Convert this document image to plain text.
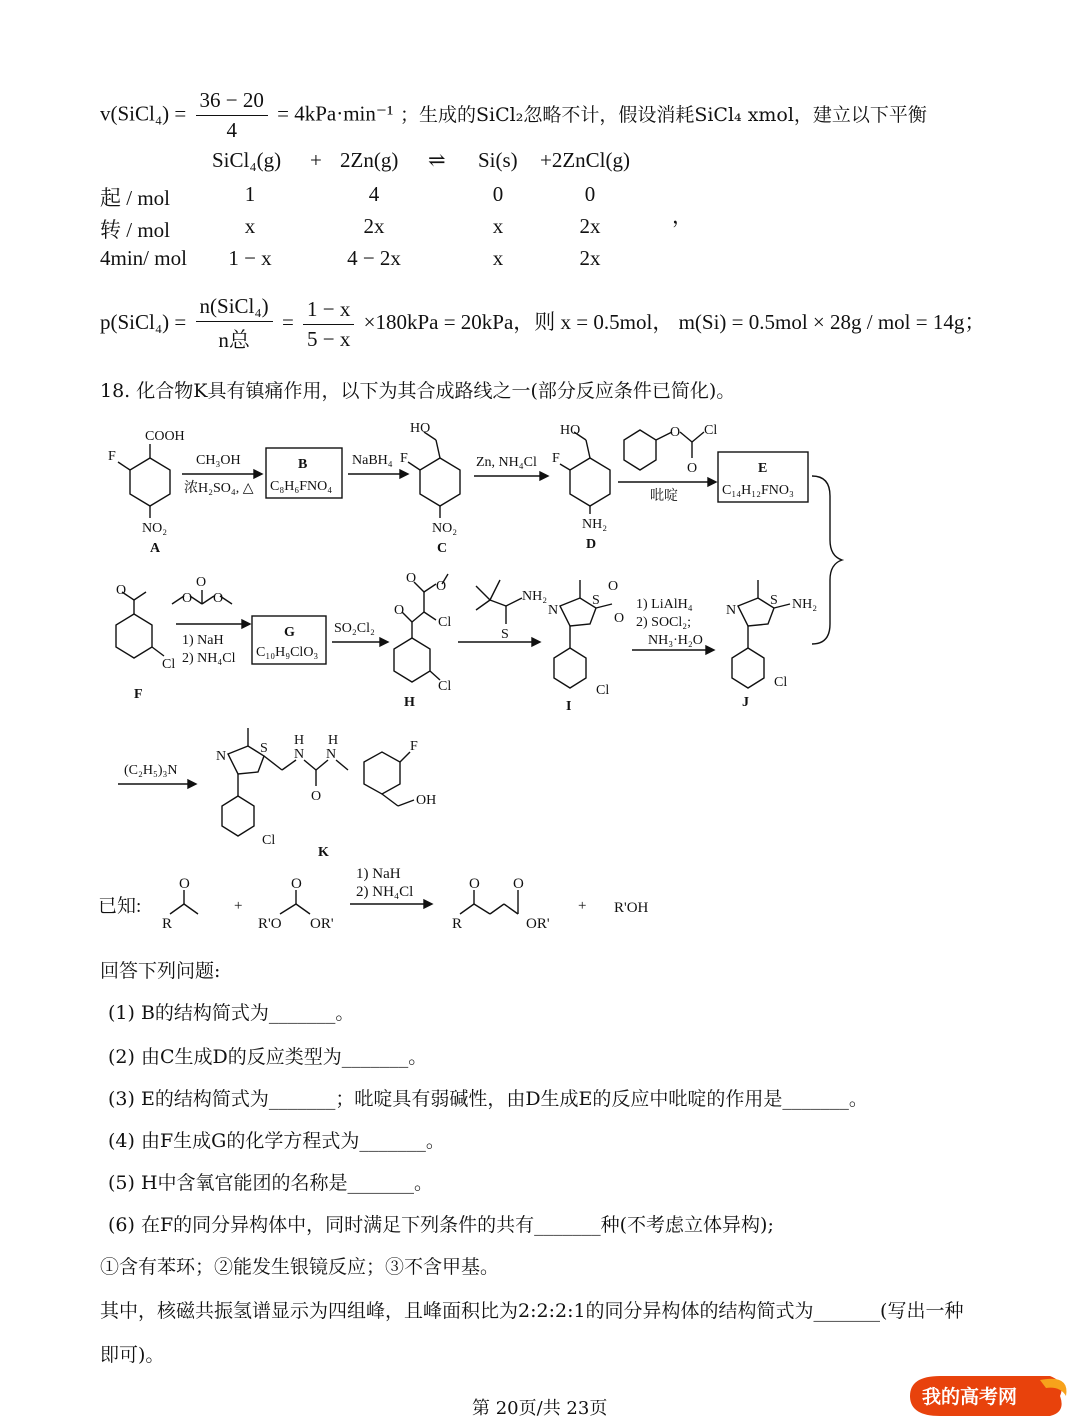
v(SiCl₄) = $\frac{36 - 20}{4} = 4kPa\cdot\min^{-1}$ ；生成的SiCl₂忽略不计，假设消耗SiCl₄ xmol，建立以下平衡
SiCl₄(g) + 2Zn(g) ⇌ Si(s) +2ZnCl(g)
，
起 / mol	1	4	0	0
转 / mol	x	2x	x	2x
4min/ mol	1 − x	4 − 2x	x	2x
p(SiCl₄) = $\frac{\text{n(SiCl₄)}}{\text{n总}} = \frac{1 - x}{5 - x} \times 180kPa = 20kPa$，则 x = 0.5mol， m(Si) = 0.5mol × 28g / mol = 14g；
18. 化合物K具有镇痛作用，以下为其合成路线之一(部分反应条件已简化)。
COOH
F
NO₂
A
CH₃OH
浓H₂SO₄, △
B
C₈H₆FNO₄
NaBH₄
HO
F
NO₂
C
Zn, NH₄Cl
HO
F
NH₂
D
O Cl
O
吡啶
E
C₁₄H₁₂FNO₃
O
Cl
F
O
O
O
1) NaH
2) NH₄Cl
G
C₁₀H₉ClO₃
SO₂Cl₂
O
O
O
Cl
Cl
H
NH₂
S
S
N
O
O
Cl
I
1) LiAlH₄
2) SOCl₂;
NH₃·H₂O
S
N	NH₂
Cl
J
(C₂H₅)₃N
S
N	N
H
O
N
H	F
OH
Cl
K
已知:
O
R
+
R'O
O
OR'
1) NaH
2) NH₄Cl
R
O O
OR'
+ R'OH
回答下列问题:
(1) B的结构简式为_______。
(2) 由C生成D的反应类型为_______。
(3) E的结构简式为_______；吡啶具有弱碱性，由D生成E的反应中吡啶的作用是_______。
(4) 由F生成G的化学方程式为_______。
(5) H中含氧官能团的名称是_______。
(6) 在F的同分异构体中，同时满足下列条件的共有_______种(不考虑立体异构);
①含有苯环；②能发生银镜反应；③不含甲基。
其中，核磁共振氢谱显示为四组峰，且峰面积比为2:2:2:1的同分异构体的结构简式为_______(写出一种
即可)。
第 20页/共 23页
我的高考网
